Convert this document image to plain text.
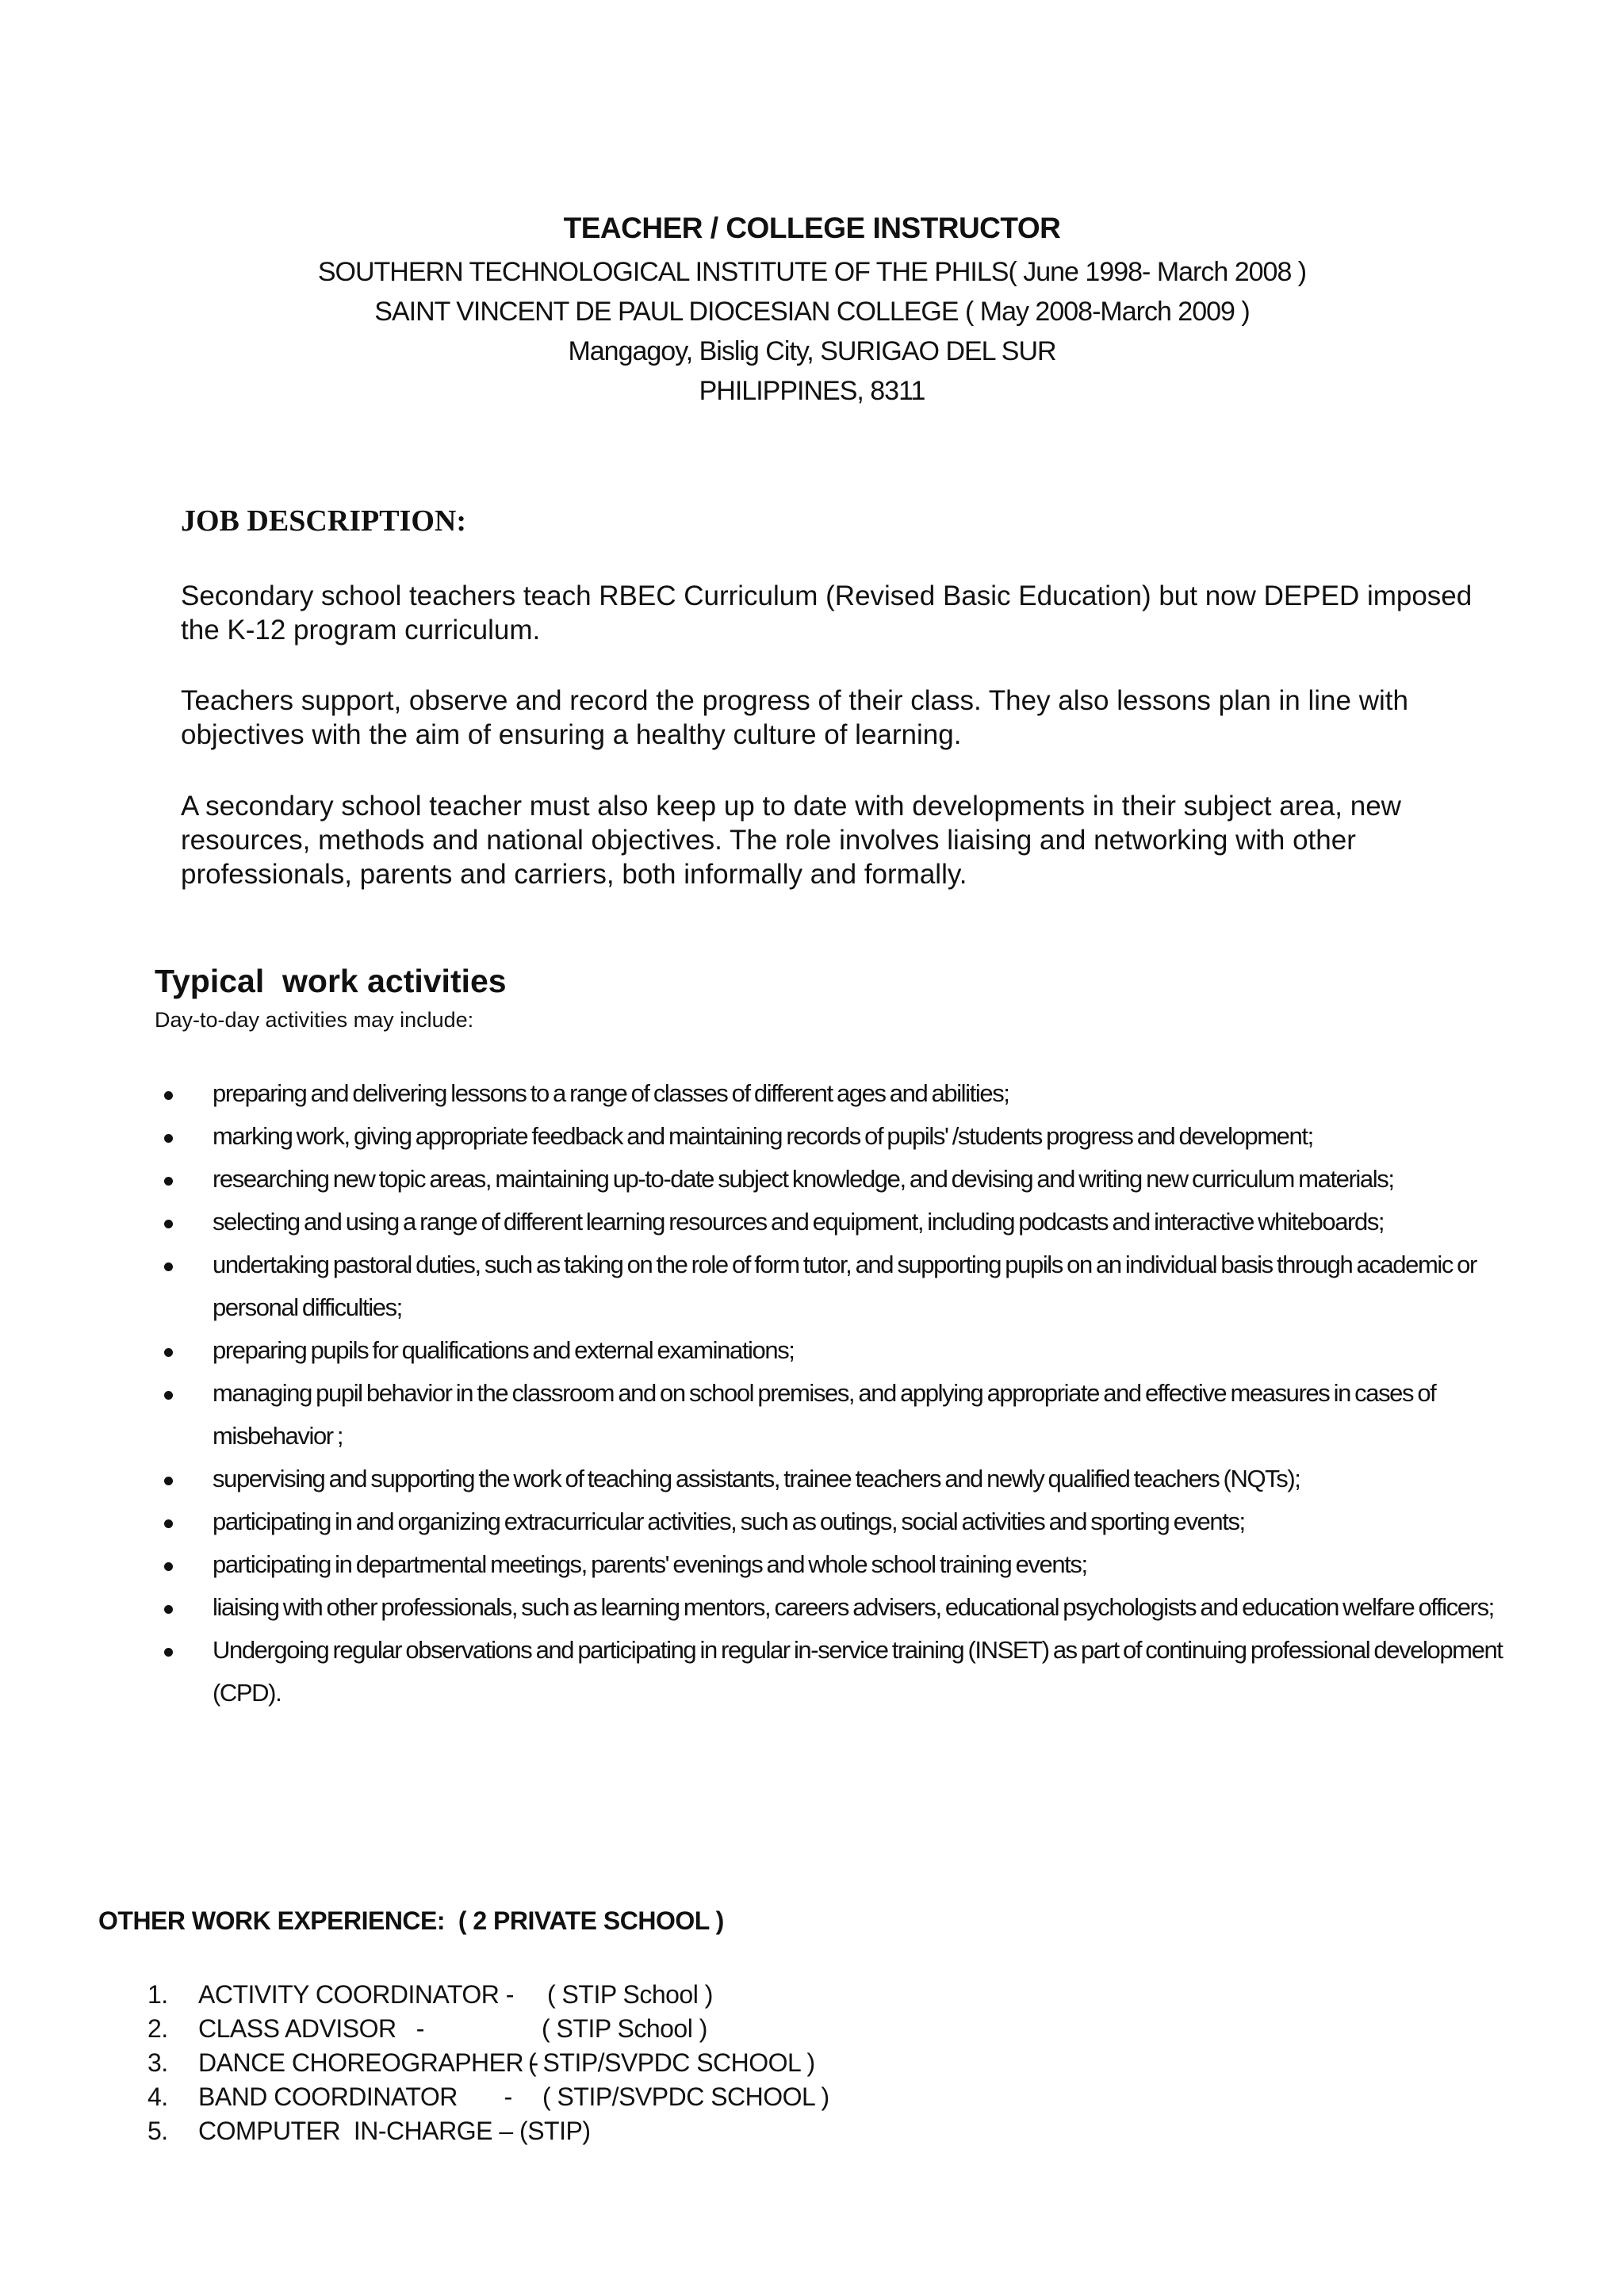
TEACHER / COLLEGE INSTRUCTOR
SOUTHERN TECHNOLOGICAL INSTITUTE OF THE PHILS( June 1998- March 2008 )
SAINT VINCENT DE PAUL DIOCESIAN COLLEGE ( May 2008-March 2009 )
Mangagoy, Bislig City, SURIGAO DEL SUR
PHILIPPINES, 8311
JOB DESCRIPTION:
Secondary school teachers teach RBEC Curriculum (Revised Basic Education) but now DEPED imposed the K-12 program curriculum.
Teachers support, observe and record the progress of their class. They also lessons plan in line with objectives with the aim of ensuring a healthy culture of learning.
A secondary school teacher must also keep up to date with developments in their subject area, new resources, methods and national objectives. The role involves liaising and networking with other professionals, parents and carriers, both informally and formally.
Typical  work activities
Day-to-day activities may include:
preparing and delivering lessons to a range of classes of different ages and abilities;
marking work, giving appropriate feedback and maintaining records of pupils' /students progress and development;
researching new topic areas, maintaining up-to-date subject knowledge, and devising and writing new curriculum materials;
selecting and using a range of different learning resources and equipment, including podcasts and interactive whiteboards;
undertaking pastoral duties, such as taking on the role of form tutor, and supporting pupils on an individual basis through academic or personal difficulties;
preparing pupils for qualifications and external examinations;
managing pupil behavior in the classroom and on school premises, and applying appropriate and effective measures in cases of misbehavior ;
supervising and supporting the work of teaching assistants, trainee teachers and newly qualified teachers (NQTs);
participating in and organizing extracurricular activities, such as outings, social activities and sporting events;
participating in departmental meetings, parents' evenings and whole school training events;
liaising with other professionals, such as learning mentors, careers advisers, educational psychologists and education welfare officers;
Undergoing regular observations and participating in regular in-service training (INSET) as part of continuing professional development (CPD).
OTHER WORK EXPERIENCE:  ( 2 PRIVATE SCHOOL )
1. ACTIVITY COORDINATOR - ( STIP School )
2. CLASS ADVISOR   -	( STIP School )
3. DANCE CHOREOGRAPHER -
( STIP/SVPDC SCHOOL )
4. BAND COORDINATOR       - ( STIP/SVPDC SCHOOL )
5. COMPUTER  IN-CHARGE – (STIP)
